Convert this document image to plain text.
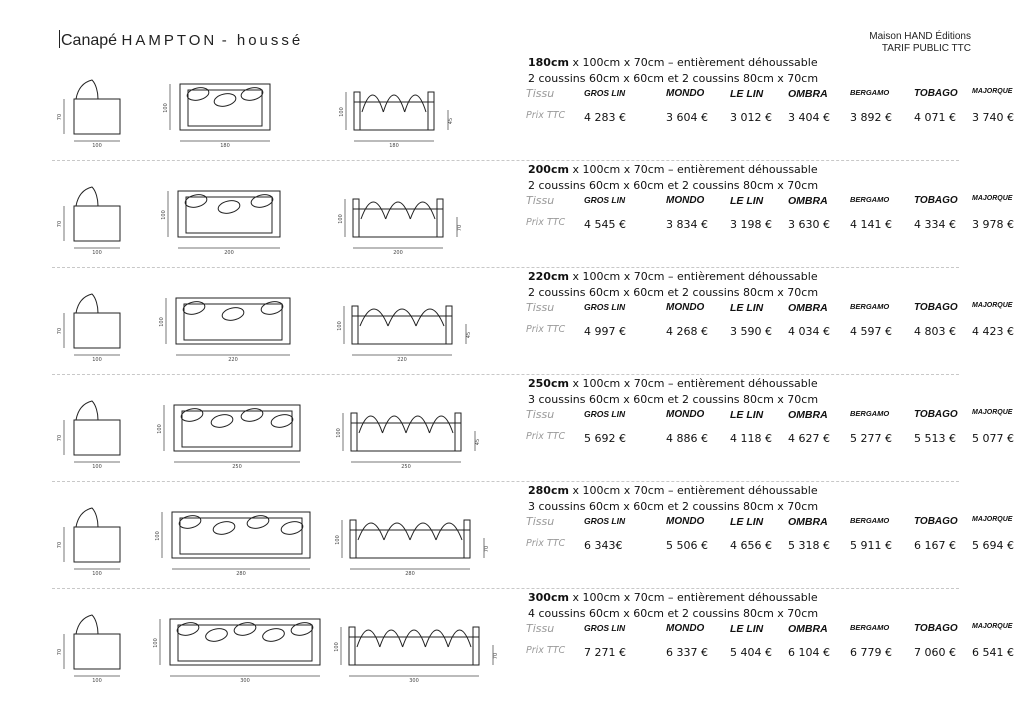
Canapé HAMPTON - houssé	Maison HAND Éditions
TARIF PUBLIC TTC
70
100
100
180
100
180
45
180cm x 100cm x 70cm – entièrement déhoussable
2 coussins 60cm x 60cm et 2 coussins 80cm x 70cm
Tissu
Prix TTC
GROS LIN
4 283 €
MONDO
3 604 €
LE LIN
3 012 €
OMBRA
3 404 €
BERGAMO
3 892 €
TOBAGO
4 071 €
MAJORQUE
3 740 €
70
100
100
200
100
200
70
200cm x 100cm x 70cm – entièrement déhoussable
2 coussins 60cm x 60cm et 2 coussins 80cm x 70cm
Tissu
Prix TTC
GROS LIN
4 545 €
MONDO
3 834 €
LE LIN
3 198 €
OMBRA
3 630 €
BERGAMO
4 141 €
TOBAGO
4 334 €
MAJORQUE
3 978 €
70
100
100
220
100
220
45
220cm x 100cm x 70cm – entièrement déhoussable
2 coussins 60cm x 60cm et 2 coussins 80cm x 70cm
Tissu
Prix TTC
GROS LIN
4 997 €
MONDO
4 268 €
LE LIN
3 590 €
OMBRA
4 034 €
BERGAMO
4 597 €
TOBAGO
4 803 €
MAJORQUE
4 423 €
70
100
100
250
100
250
45
250cm x 100cm x 70cm – entièrement déhoussable
3 coussins 60cm x 60cm et 2 coussins 80cm x 70cm
Tissu
Prix TTC
GROS LIN
5 692 €
MONDO
4 886 €
LE LIN
4 118 €
OMBRA
4 627 €
BERGAMO
5 277 €
TOBAGO
5 513 €
MAJORQUE
5 077 €
70
100
100
280
100
280
70
280cm x 100cm x 70cm – entièrement déhoussable
3 coussins 60cm x 60cm et 2 coussins 80cm x 70cm
Tissu
Prix TTC
GROS LIN
6 343€
MONDO
5 506 €
LE LIN
4 656 €
OMBRA
5 318 €
BERGAMO
5 911 €
TOBAGO
6 167 €
MAJORQUE
5 694 €
70
100
100
300
100
300
70
300cm x 100cm x 70cm – entièrement déhoussable
4 coussins 60cm x 60cm et 2 coussins 80cm x 70cm
Tissu
Prix TTC
GROS LIN
7 271 €
MONDO
6 337 €
LE LIN
5 404 €
OMBRA
6 104 €
BERGAMO
6 779 €
TOBAGO
7 060 €
MAJORQUE
6 541 €
